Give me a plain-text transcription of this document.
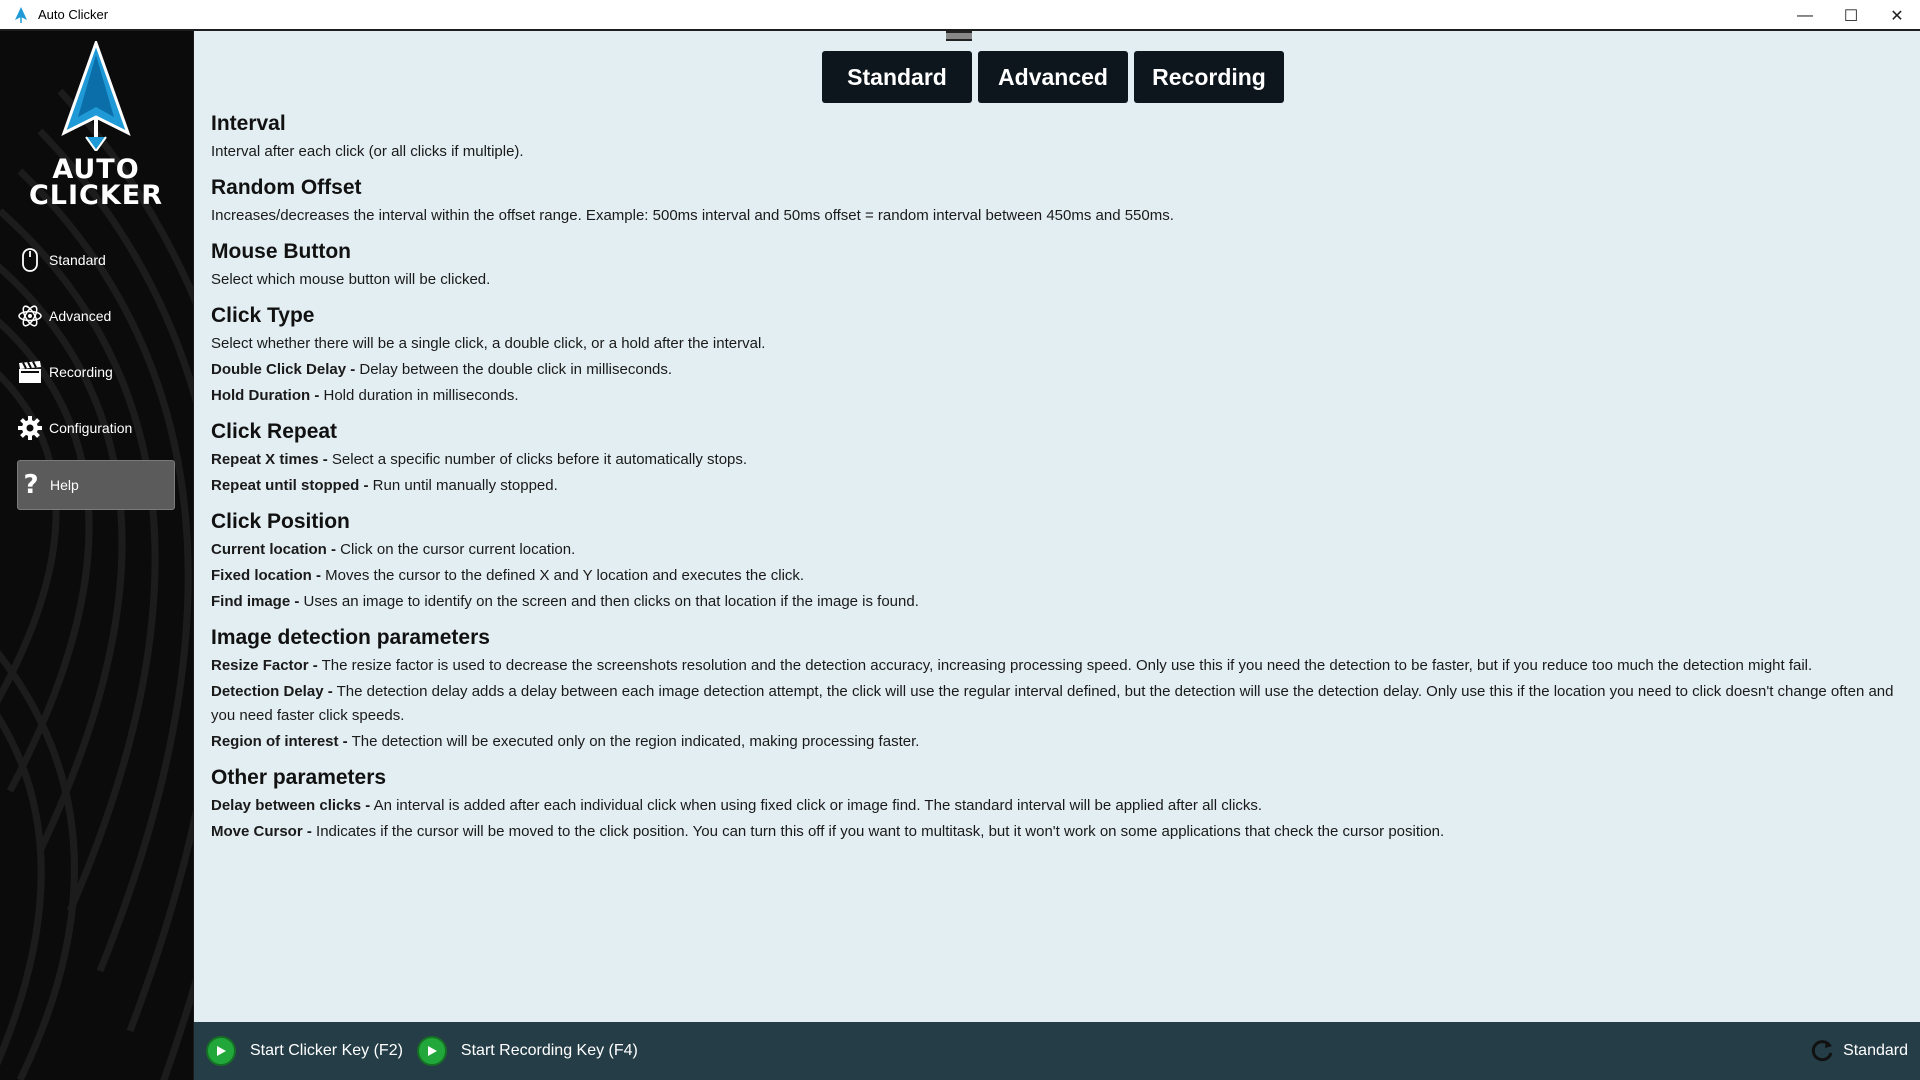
Auto Clicker	—	☐	✕
AUTO
CLICKER
Standard
Advanced
Recording
Configuration
? Help
Standard	Advanced	Recording
Interval
Interval after each click (or all clicks if multiple).
Random Offset
Increases/decreases the interval within the offset range. Example: 500ms interval and 50ms offset = random interval between 450ms and 550ms.
Mouse Button
Select which mouse button will be clicked.
Click Type
Select whether there will be a single click, a double click, or a hold after the interval.
Double Click Delay - Delay between the double click in milliseconds.
Hold Duration - Hold duration in milliseconds.
Click Repeat
Repeat X times - Select a specific number of clicks before it automatically stops.
Repeat until stopped - Run until manually stopped.
Click Position
Current location - Click on the cursor current location.
Fixed location - Moves the cursor to the defined X and Y location and executes the click.
Find image - Uses an image to identify on the screen and then clicks on that location if the image is found.
Image detection parameters
Resize Factor - The resize factor is used to decrease the screenshots resolution and the detection accuracy, increasing processing speed. Only use this if you need the detection to be faster, but if you reduce too much the detection might fail.
Detection Delay - The detection delay adds a delay between each image detection attempt, the click will use the regular interval defined, but the detection will use the detection delay. Only use this if the location you need to click doesn't change often and you need faster click speeds.
Region of interest - The detection will be executed only on the region indicated, making processing faster.
Other parameters
Delay between clicks - An interval is added after each individual click when using fixed click or image find. The standard interval will be applied after all clicks.
Move Cursor - Indicates if the cursor will be moved to the click position. You can turn this off if you want to multitask, but it won't work on some applications that check the cursor position.
Start Clicker Key (F2)	Start Recording Key (F4)	Standard
